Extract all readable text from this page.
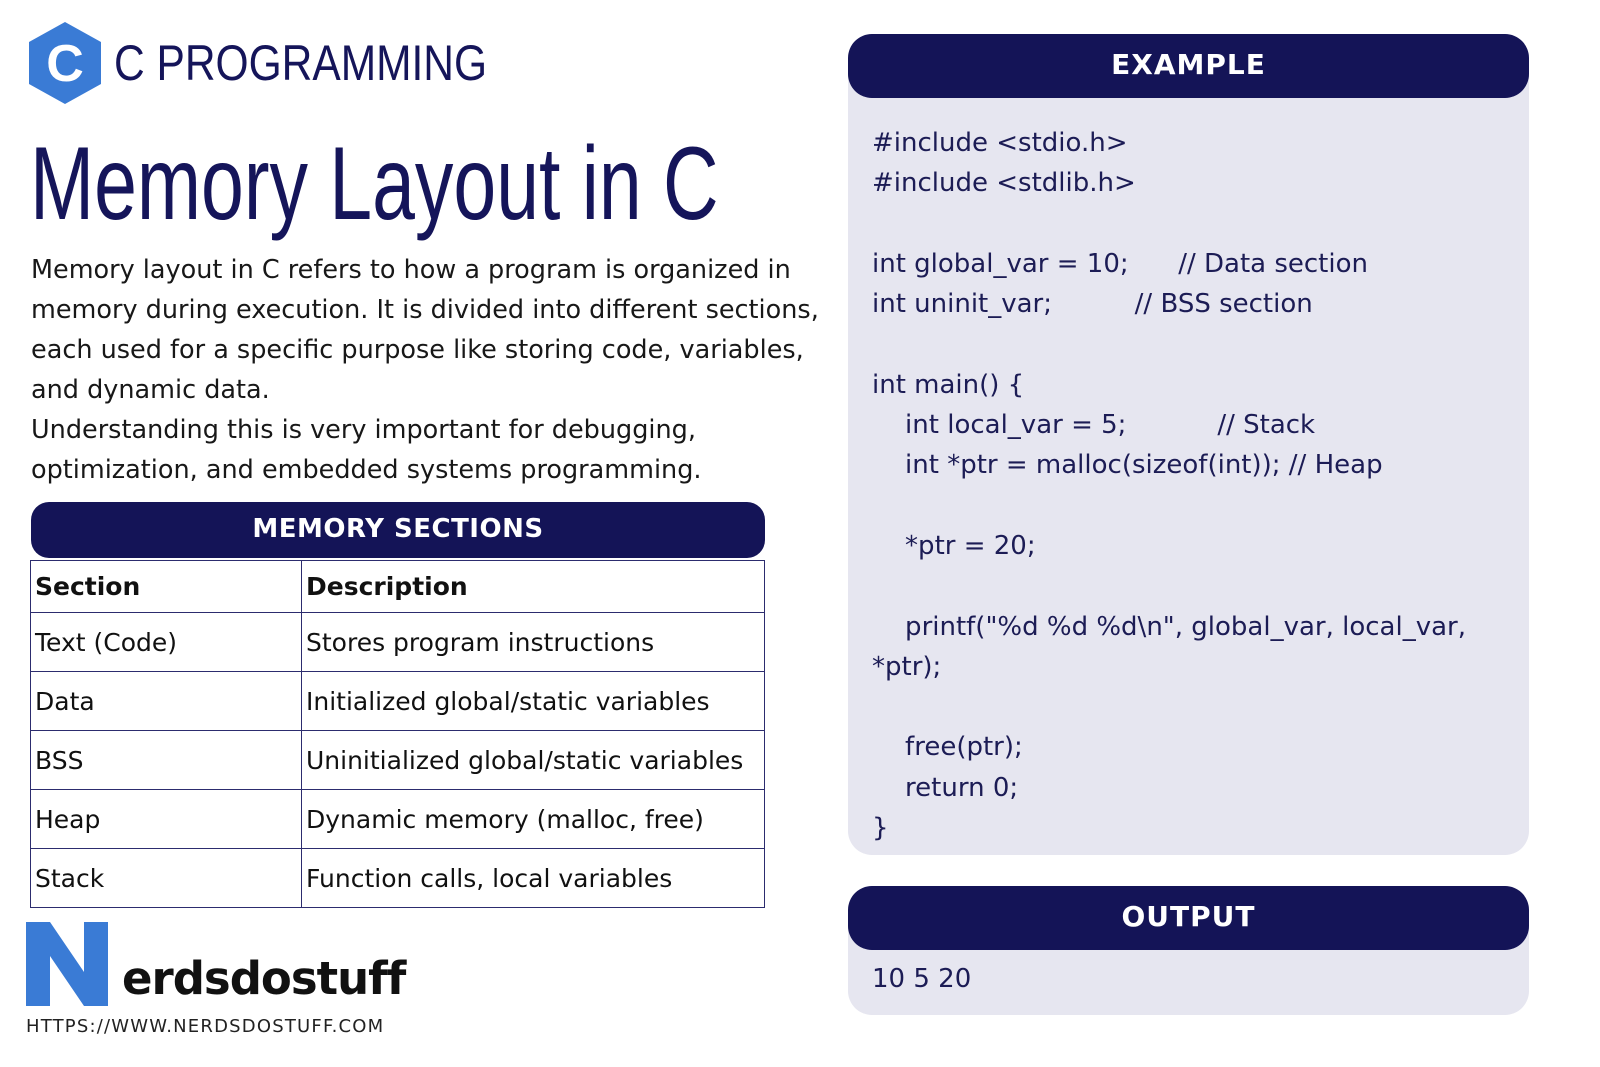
C C PROGRAMMING
Memory Layout in C

Memory layout in C refers to how a program is organized in memory during execution. It is divided into different sections, each used for a specific purpose like storing code, variables, and dynamic data.

Understanding this is very important for debugging, optimization, and embedded systems programming.

MEMORY SECTIONS
Section	Description
Text (Code)	Stores program instructions
Data	Initialized global/static variables
BSS	Uninitialized global/static variables
Heap	Dynamic memory (malloc, free)
Stack	Function calls, local variables
erdsdostuff
HTTPS://WWW.NERDSDOSTUFF.COM
EXAMPLE
#include <stdio.h>
#include <stdlib.h>

int global_var = 10;      // Data section
int uninit_var;          // BSS section

int main() {
int local_var = 5;           // Stack
int *ptr = malloc(sizeof(int)); // Heap

*ptr = 20;

printf("%d %d %d\n", global_var, local_var,
*ptr);

free(ptr);
return 0;
}
OUTPUT
10 5 20
